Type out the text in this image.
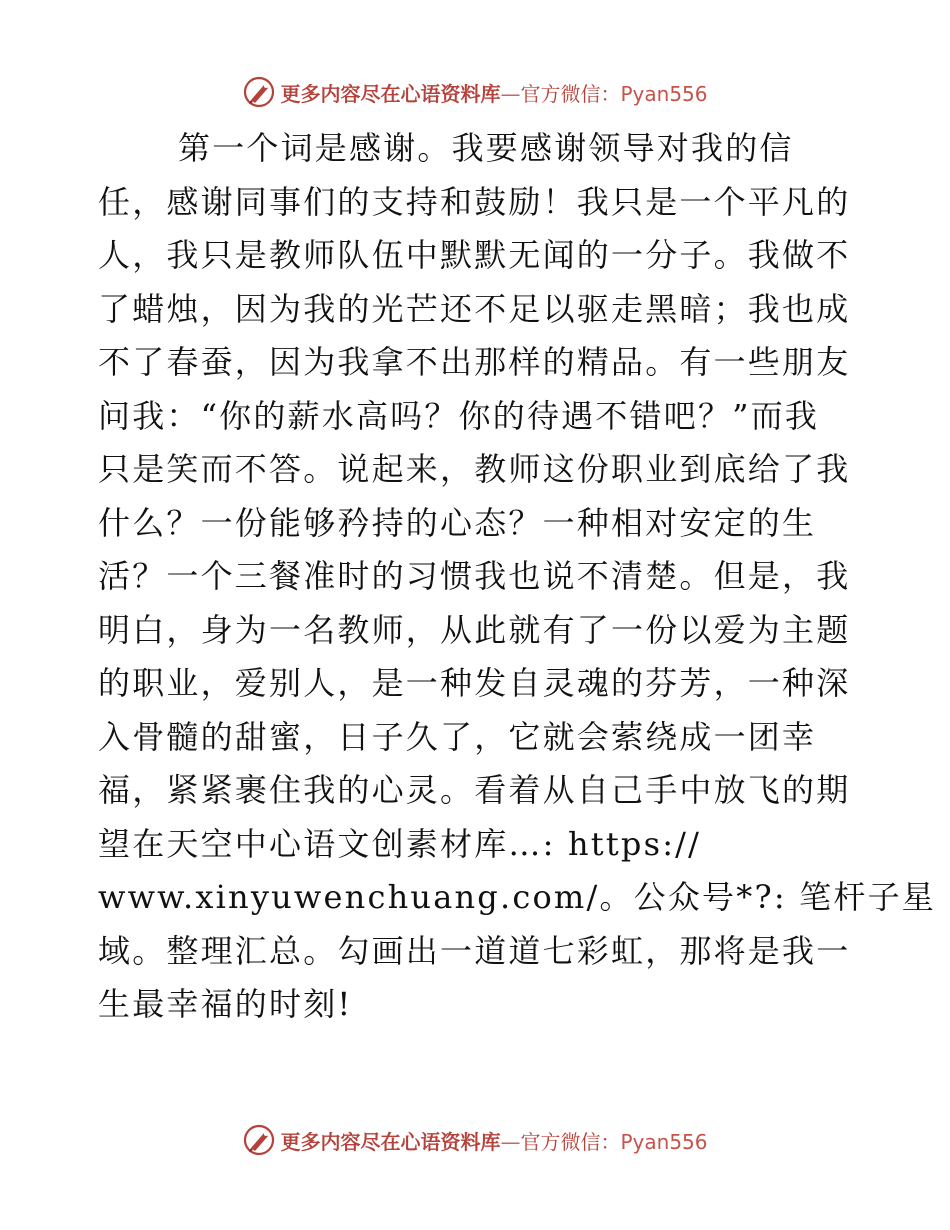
更多内容尽在心语资料库—官方微信：Pyan556
第一个词是感谢。我要感谢领导对我的信
任，感谢同事们的支持和鼓励！我只是一个平凡的
人，我只是教师队伍中默默无闻的一分子。我做不
了蜡烛，因为我的光芒还不足以驱走黑暗；我也成
不了春蚕，因为我拿不出那样的精品。有一些朋友
问我：“你的薪水高吗？你的待遇不错吧？”而我
只是笑而不答。说起来，教师这份职业到底给了我
什么？一份能够矜持的心态？一种相对安定的生
活？一个三餐准时的习惯我也说不清楚。但是，我
明白，身为一名教师，从此就有了一份以爱为主题
的职业，爱别人，是一种发自灵魂的芬芳，一种深
入骨髓的甜蜜，日子久了，它就会萦绕成一团幸
福，紧紧裹住我的心灵。看着从自己手中放飞的期
望在天空中心语文创素材库…: https://
www.xinyuwenchuang.com/。公众号*?: 笔杆子星
域。整理汇总。勾画出一道道七彩虹，那将是我一
生最幸福的时刻!
更多内容尽在心语资料库—官方微信：Pyan556
